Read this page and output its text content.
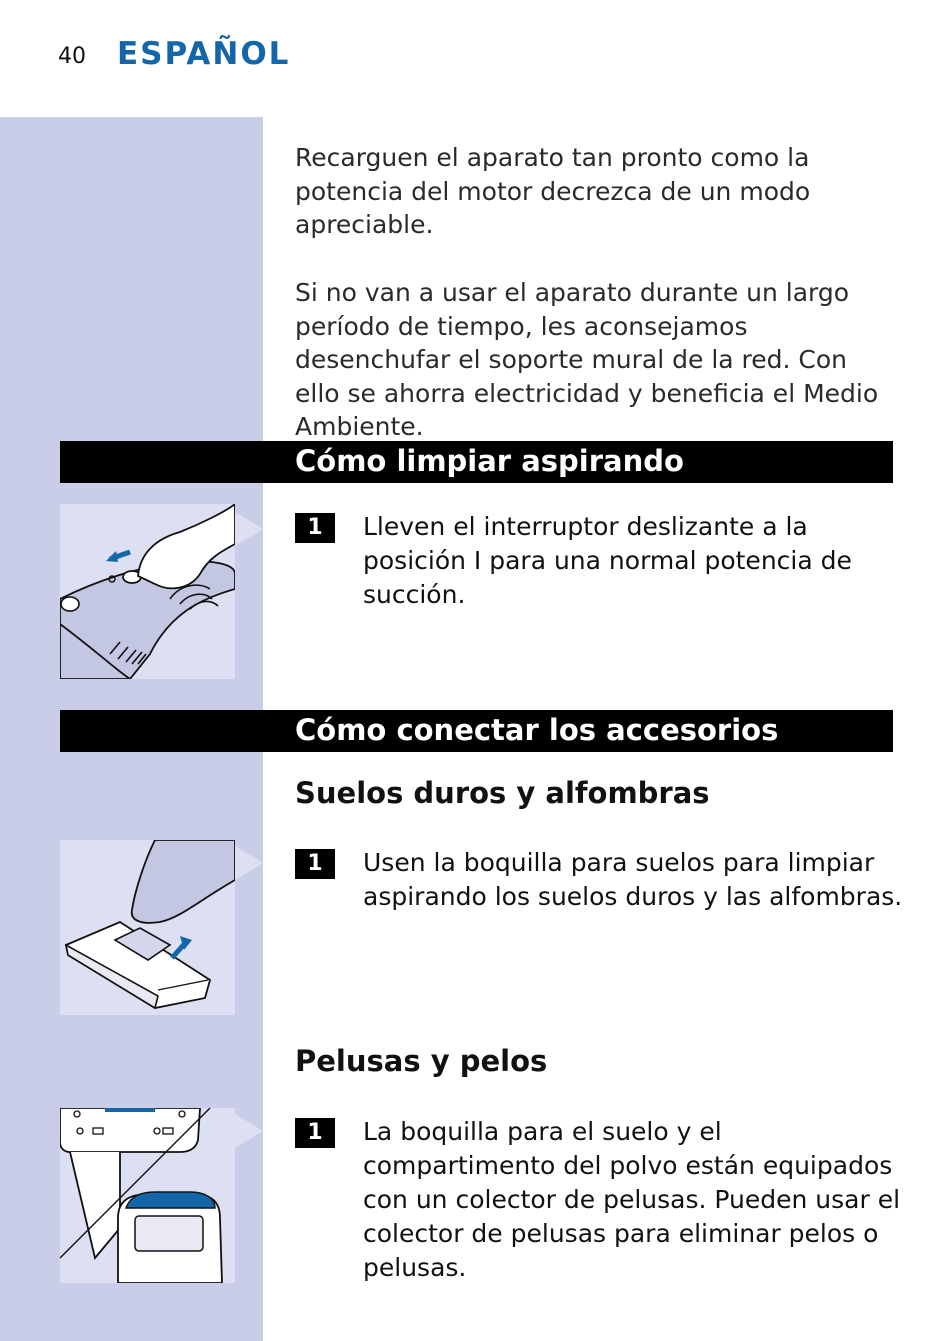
40 ESPAÑOL

Recarguen el aparato tan pronto como la potencia del motor decrezca de un modo apreciable.

Si no van a usar el aparato durante un largo período de tiempo, les aconsejamos desenchufar el soporte mural de la red. Con ello se ahorra electricidad y beneficia el Medio Ambiente.

Cómo limpiar aspirando
1	Lleven el interruptor deslizante a la posición I para una normal potencia de succión.

Cómo conectar los accesorios
Suelos duros y alfombras
1	Usen la boquilla para suelos para limpiar aspirando los suelos duros y las alfombras.

Pelusas y pelos
1	La boquilla para el suelo y el compartimento del polvo están equipados con un colector de pelusas. Pueden usar el colector de pelusas para eliminar pelos o pelusas.
